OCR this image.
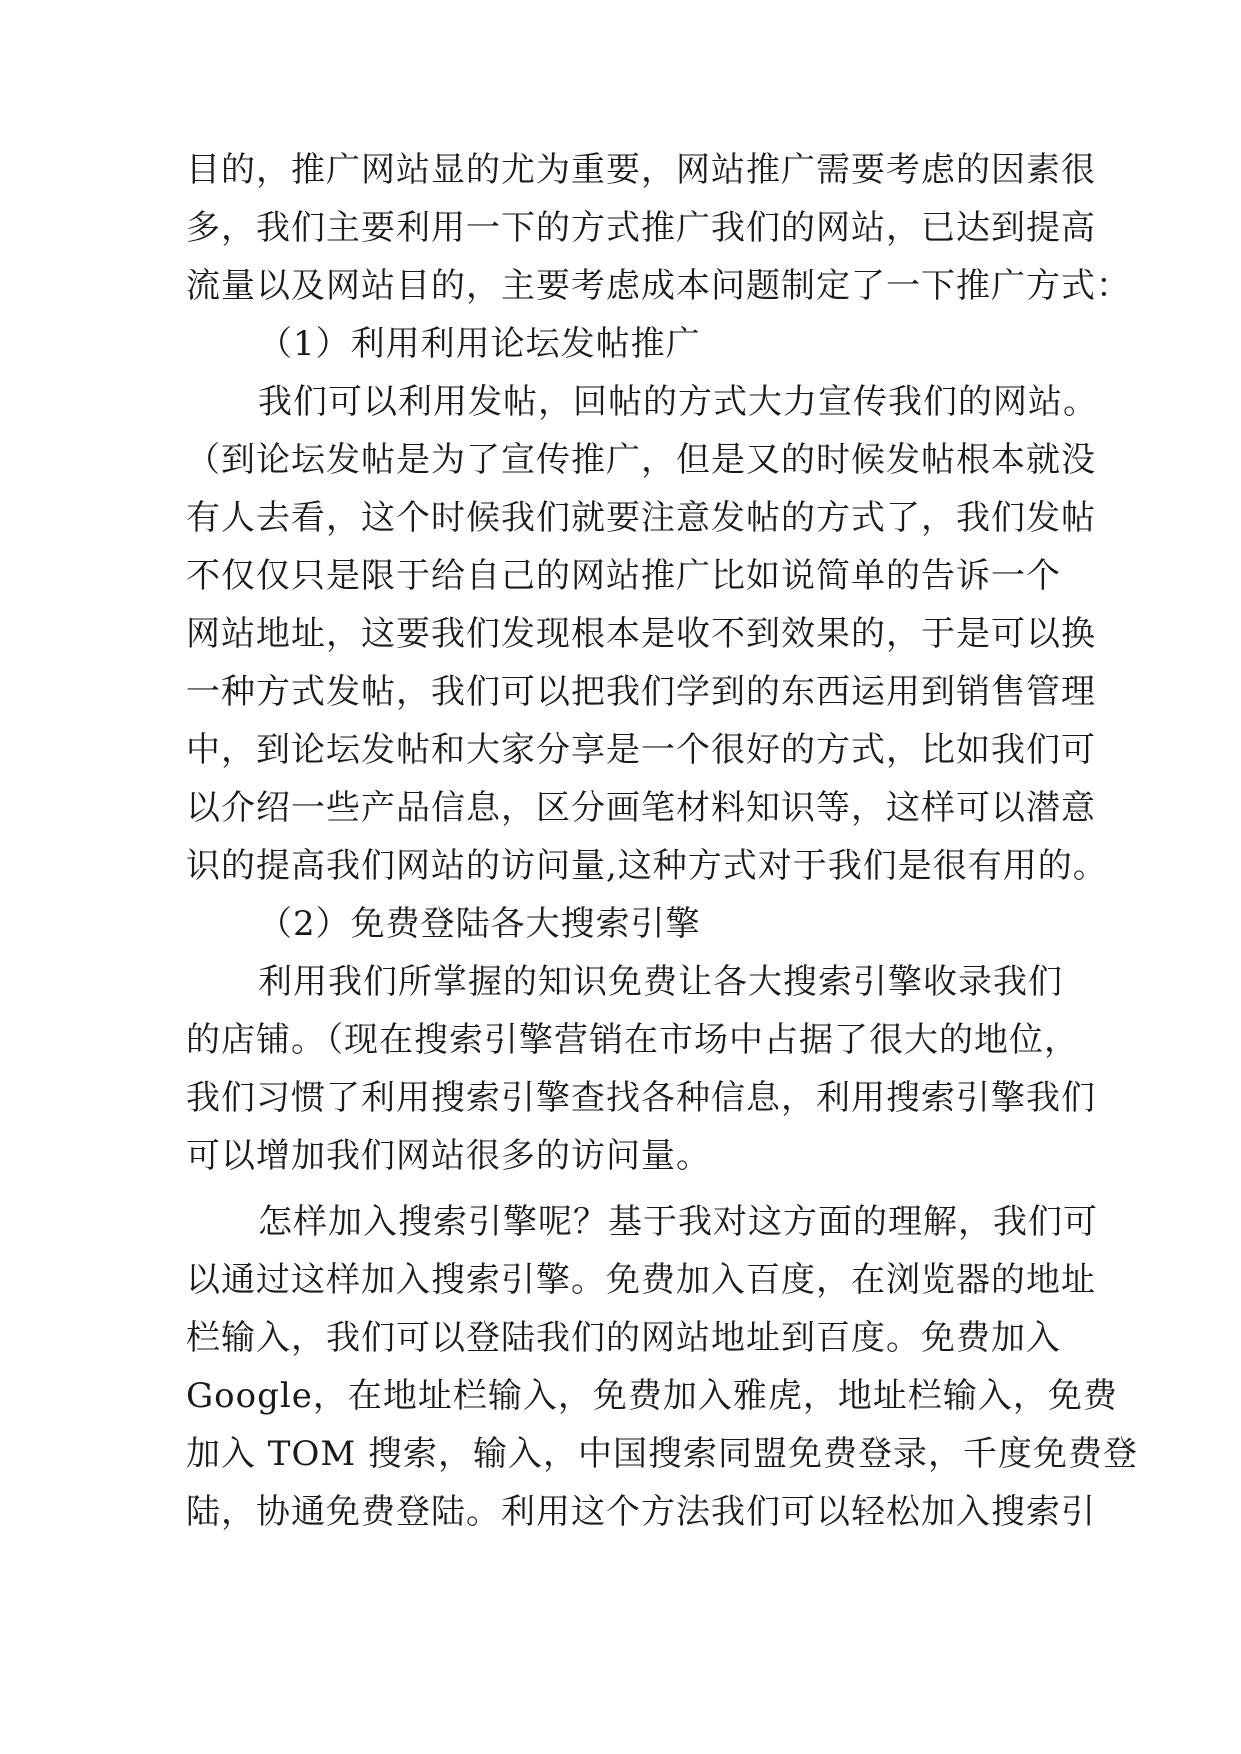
目的，推广网站显的尤为重要，网站推广需要考虑的因素很
多，我们主要利用一下的方式推广我们的网站，已达到提高
流量以及网站目的，主要考虑成本问题制定了一下推广方式：
（1）利用利用论坛发帖推广
我们可以利用发帖，回帖的方式大力宣传我们的网站。
（到论坛发帖是为了宣传推广，但是又的时候发帖根本就没
有人去看，这个时候我们就要注意发帖的方式了，我们发帖
不仅仅只是限于给自己的网站推广比如说简单的告诉一个
网站地址，这要我们发现根本是收不到效果的，于是可以换
一种方式发帖，我们可以把我们学到的东西运用到销售管理
中，到论坛发帖和大家分享是一个很好的方式，比如我们可
以介绍一些产品信息，区分画笔材料知识等，这样可以潜意
识的提高我们网站的访问量,这种方式对于我们是很有用的。
（2）免费登陆各大搜索引擎
利用我们所掌握的知识免费让各大搜索引擎收录我们
的店铺。（现在搜索引擎营销在市场中占据了很大的地位，
我们习惯了利用搜索引擎查找各种信息，利用搜索引擎我们
可以增加我们网站很多的访问量。
怎样加入搜索引擎呢？基于我对这方面的理解，我们可
以通过这样加入搜索引擎。免费加入百度，在浏览器的地址
栏输入，我们可以登陆我们的网站地址到百度。免费加入
Google，在地址栏输入，免费加入雅虎，地址栏输入，免费
加入 TOM 搜索，输入，中国搜索同盟免费登录，千度免费登
陆，协通免费登陆。利用这个方法我们可以轻松加入搜索引
